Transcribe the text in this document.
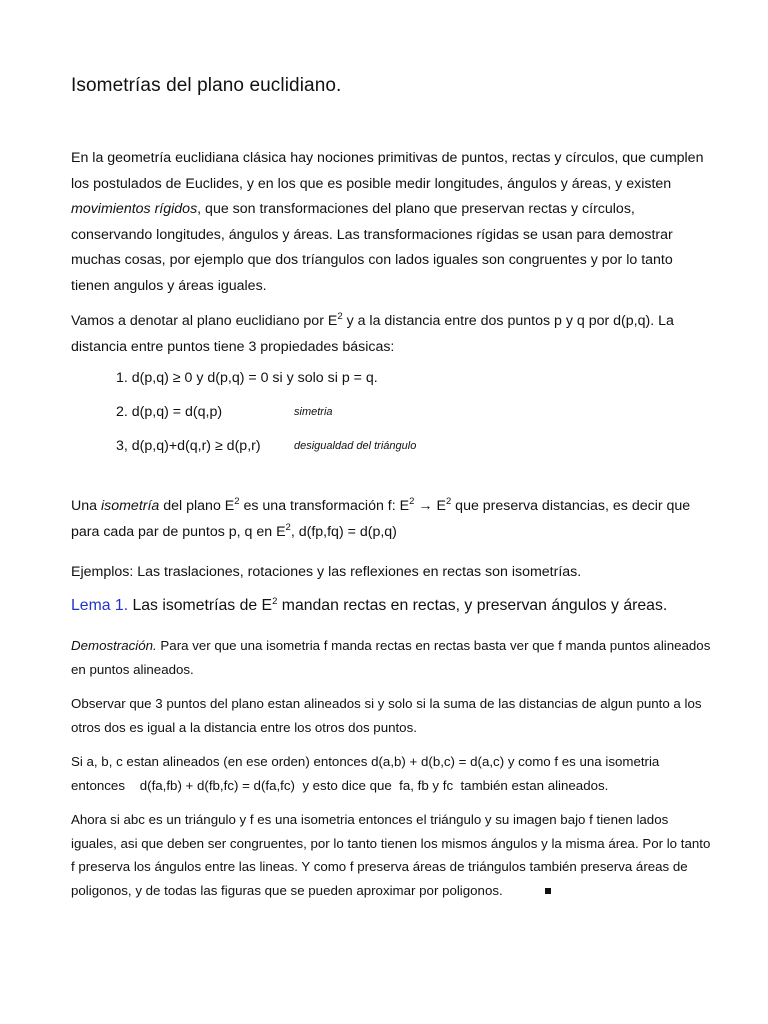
Isometrías del plano euclidiano.
En la geometría euclidiana clásica hay nociones primitivas de puntos, rectas y círculos, que cumplen los postulados de Euclides, y en los que es posible medir longitudes, ángulos y áreas, y existen movimientos rígidos, que son transformaciones del plano que preservan rectas y círculos, conservando longitudes, ángulos y áreas. Las transformaciones rígidas se usan para demostrar muchas cosas, por ejemplo que dos tríangulos con lados iguales son congruentes y por lo tanto tienen angulos y áreas iguales.
Vamos a denotar al plano euclidiano por $E^2$ y a la distancia entre dos puntos p y q por d(p,q). La distancia entre puntos tiene 3 propiedades básicas:
1. d(p,q) ≥ 0 y d(p,q) = 0 si y solo si p = q.
2. d(p,q) = d(q,p)	simetria
3, d(p,q)+d(q,r) ≥ d(p,r)	desigualdad del triángulo
Una isometría del plano $E^2$ es una transformación f: $E^2 \to E^2$ que preserva distancias, es decir que para cada par de puntos p, q en $E^2$, d(fp,fq) = d(p,q)
Ejemplos: Las traslaciones, rotaciones y las reflexiones en rectas son isometrías.
Lema 1. Las isometrías de $E^2$ mandan rectas en rectas, y preservan ángulos y áreas.
Demostración. Para ver que una isometria f manda rectas en rectas basta ver que f manda puntos alineados en puntos alineados.
Observar que 3 puntos del plano estan alineados si y solo si la suma de las distancias de algun punto a los otros dos es igual a la distancia entre los otros dos puntos.
Si a, b, c estan alineados (en ese orden) entonces d(a,b) + d(b,c) = d(a,c) y como f es una isometria
entonces    d(fa,fb) + d(fb,fc) = d(fa,fc)  y esto dice que  fa, fb y fc  también estan alineados.
Ahora si abc es un triángulo y f es una isometria entonces el triángulo y su imagen bajo f tienen lados iguales, asi que deben ser congruentes, por lo tanto tienen los mismos ángulos y la misma área. Por lo tanto f preserva los ángulos entre las lineas. Y como f preserva áreas de triángulos también preserva áreas de poligonos, y de todas las figuras que se pueden aproximar por poligonos.
